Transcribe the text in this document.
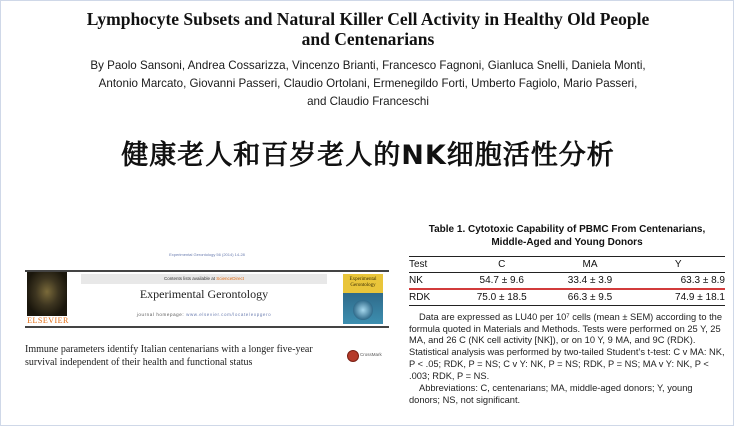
Lymphocyte Subsets and Natural Killer Cell Activity in Healthy Old People
and Centenarians
By Paolo Sansoni, Andrea Cossarizza, Vincenzo Brianti, Francesco Fagnoni, Gianluca Snelli, Daniela Monti,
Antonio Marcato, Giovanni Passeri, Claudio Ortolani, Ermenegildo Forti, Umberto Fagiolo, Mario Passeri,
and Claudio Franceschi
健康老人和百岁老人的NK细胞活性分析
Experimental Gerontology 56 (2014) 14-28
ELSEVIER
Contents lists available at ScienceDirect
Experimental Gerontology
journal homepage: www.elsevier.com/locate/expgero
Experimental Gerontology
Immune parameters identify Italian centenarians with a longer five-year survival independent of their health and functional status
CrossMark
Table 1. Cytotoxic Capability of PBMC From Centenarians,
Middle-Aged and Young Donors
Test	C	MA	Y
NK	54.7 ± 9.6	33.4 ± 3.9	63.3 ± 8.9
RDK	75.0 ± 18.5	66.3 ± 9.5	74.9 ± 18.1

Data are expressed as LU40 per 10⁷ cells (mean ± SEM) according to the formula quoted in Materials and Methods. Tests were performed on 25 Y, 25 MA, and 26 C (NK cell activity [NK]), or on 10 Y, 9 MA, and 9C (RDK). Statistical analysis was performed by two-tailed Student’s t-test: C v MA: NK, P < .05; RDK, P = NS; C v Y: NK, P = NS; RDK, P = NS; MA v Y: NK, P < .003; RDK, P = NS.

Abbreviations: C, centenarians; MA, middle-aged donors; Y, young donors; NS, not significant.
